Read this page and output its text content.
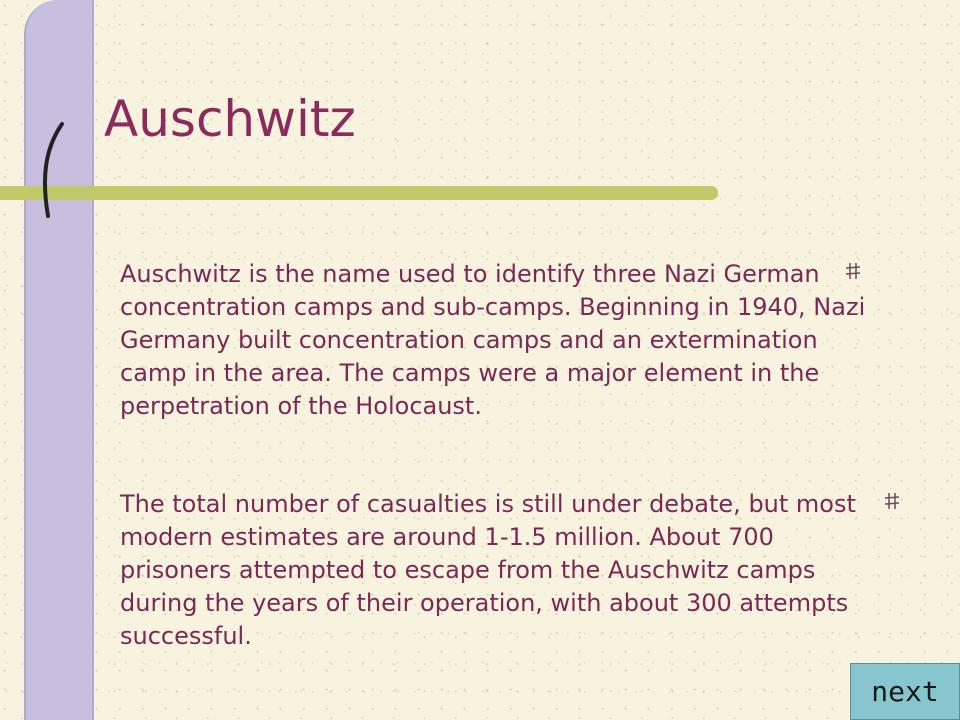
Auschwitz

Auschwitz is the name used to identify three Nazi German concentration camps and sub-camps. Beginning in 1940, Nazi Germany built concentration camps and an extermination camp in the area. The camps were a major element in the perpetration of the Holocaust.

The total number of casualties is still under debate, but most modern estimates are around 1-1.5 million. About 700 prisoners attempted to escape from the Auschwitz camps during the years of their operation, with about 300 attempts successful.

next
